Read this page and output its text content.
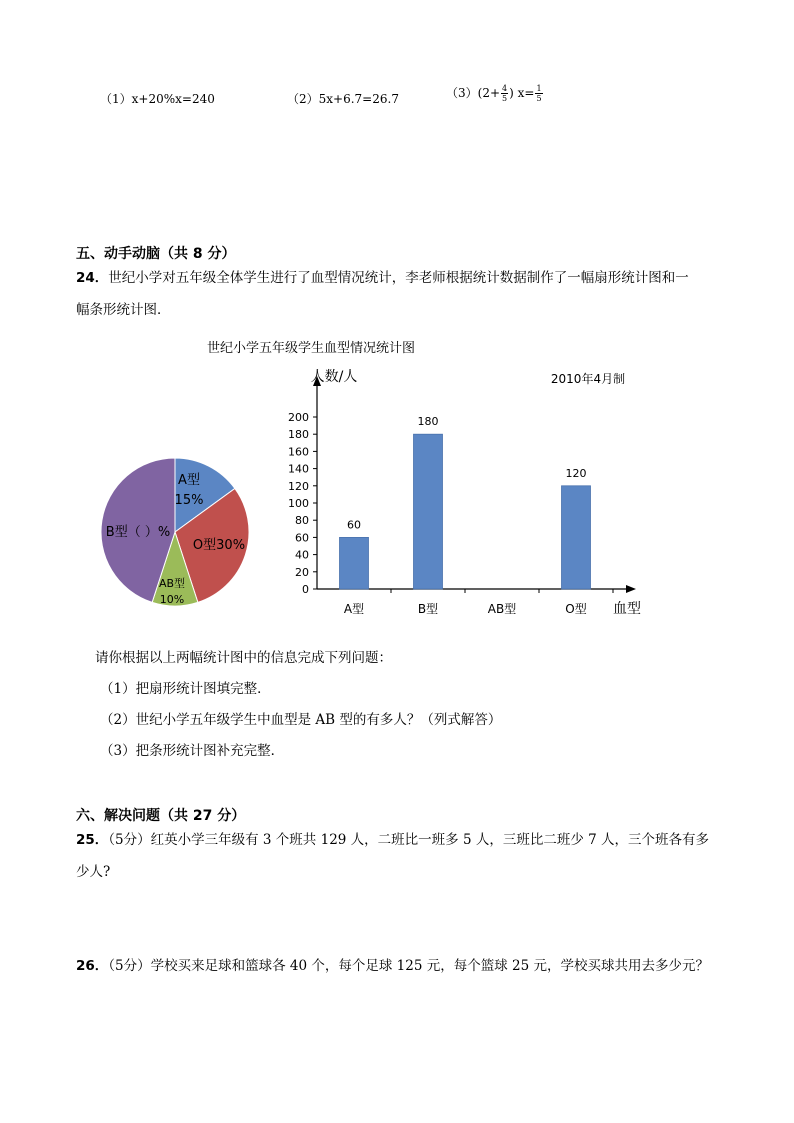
（1）x+20%x=240	（2）5x+6.7=26.7	$(3)(2+ \frac{4}{5}$ ) $x= \frac{1}{5}$
五、动手动脑（共 8 分）
24．世纪小学对五年级全体学生进行了血型情况统计，李老师根据统计数据制作了一幅扇形统计图和一
幅条形统计图．
世纪小学五年级学生血型情况统计图
2010年4月制
A型
15%
O型30%
AB型
10%
B型（ ）%
0
20
40
60
80
100
120
140
160
180
200
人数/人
血型
60
A型
180
B型	AB型
120
O型
请你根据以上两幅统计图中的信息完成下列问题：
（1）把扇形统计图填完整．
（2）世纪小学五年级学生中血型是 AB 型的有多人？（列式解答）
（3）把条形统计图补充完整．
六、解决问题（共 27 分）
25．（5分）红英小学三年级有 3 个班共 129 人，二班比一班多 5 人，三班比二班少 7 人，三个班各有多
少人?
26．（5分）学校买来足球和篮球各 40 个，每个足球 125 元，每个篮球 25 元，学校买球共用去多少元？
